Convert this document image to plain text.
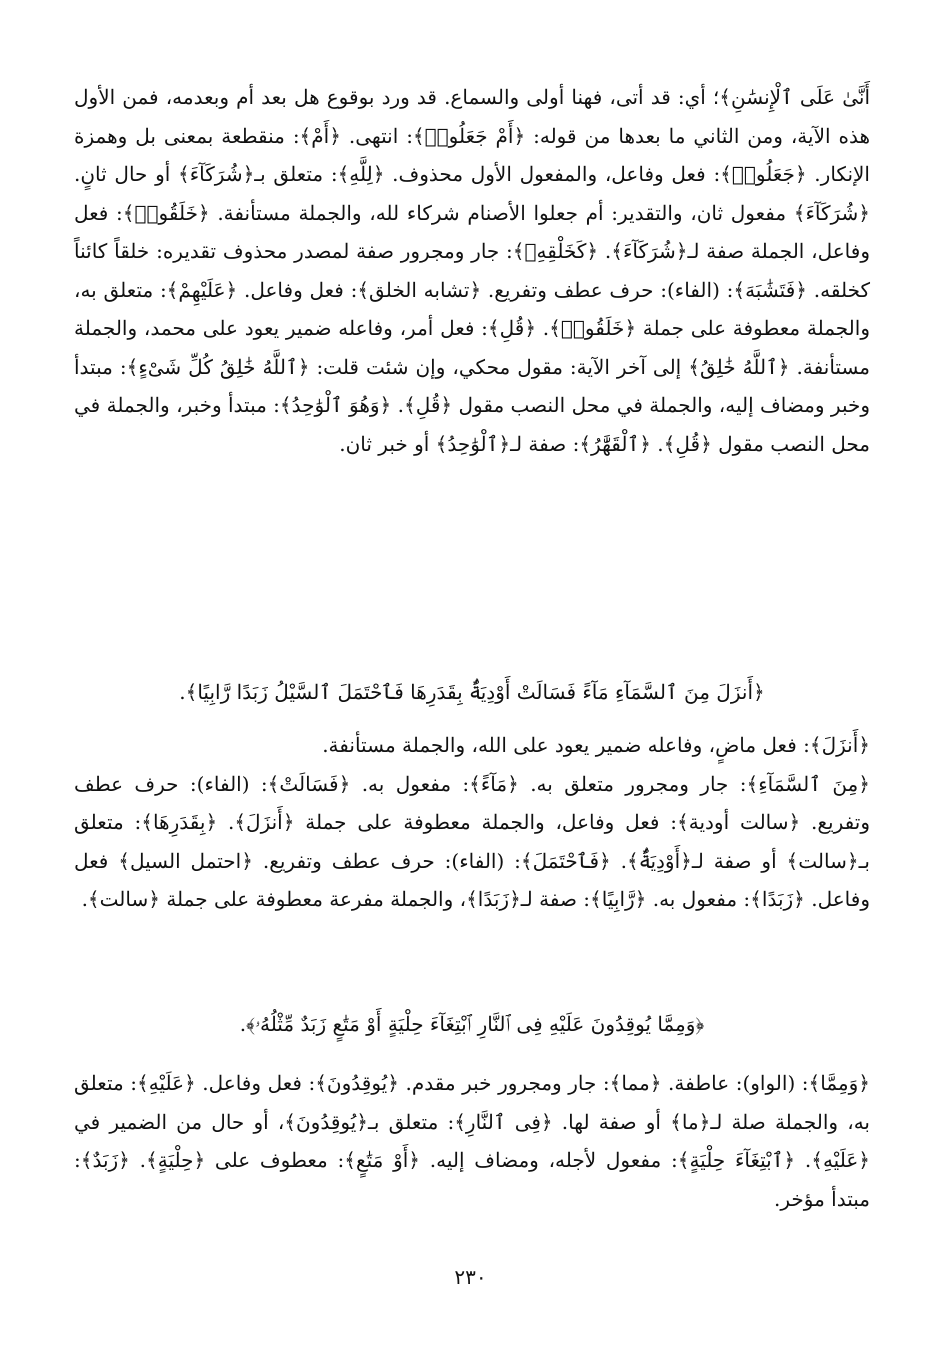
أَنَّىٰ عَلَى ٱلْإِنسَٰنِ﴾؛ أي: قد أتى، فهنا أولى والسماع. قد ورد بوقوع هل بعد أم وبعدمه، فمن الأول هذه الآية، ومن الثاني ما بعدها من قوله: ﴿أَمْ جَعَلُوا۟﴾: انتهى. ﴿أَمْ﴾: منقطعة بمعنى بل وهمزة الإنكار. ﴿جَعَلُوا۟﴾: فعل وفاعل، والمفعول الأول محذوف. ﴿لِلَّهِ﴾: متعلق بـ﴿شُرَكَآءَ﴾ أو حال ثانٍ. ﴿شُرَكَآءَ﴾ مفعول ثان، والتقدير: أم جعلوا الأصنام شركاء لله، والجملة مستأنفة. ﴿خَلَقُوا۟﴾: فعل وفاعل، الجملة صفة لـ﴿شُرَكَآءَ﴾. ﴿كَخَلْقِهِۦ﴾: جار ومجرور صفة لمصدر محذوف تقديره: خلقاً كائناً كخلقه. ﴿فَتَشَٰبَهَ﴾: (الفاء): حرف عطف وتفريع. ﴿تشابه الخلق﴾: فعل وفاعل. ﴿عَلَيْهِمْ﴾: متعلق به، والجملة معطوفة على جملة ﴿خَلَقُوا۟﴾. ﴿قُلِ﴾: فعل أمر، وفاعله ضمير يعود على محمد، والجملة مستأنفة. ﴿ٱللَّهُ خَٰلِقُ﴾ إلى آخر الآية: مقول محكي، وإن شئت قلت: ﴿ٱللَّهُ خَٰلِقُ كُلِّ شَىْءٍ﴾: مبتدأ وخبر ومضاف إليه، والجملة في محل النصب مقول ﴿قُلِ﴾. ﴿وَهُوَ ٱلْوَٰحِدُ﴾: مبتدأ وخبر، والجملة في محل النصب مقول ﴿قُلِ﴾. ﴿ٱلْقَهَّٰرُ﴾: صفة لـ﴿ٱلْوَٰحِدُ﴾ أو خبر ثان.

﴿أَنزَلَ مِنَ ٱلسَّمَآءِ مَآءً فَسَالَتْ أَوْدِيَةٌۢ بِقَدَرِهَا فَٱحْتَمَلَ ٱلسَّيْلُ زَبَدًا رَّابِيًا﴾.

﴿أَنزَلَ﴾: فعل ماضٍ، وفاعله ضمير يعود على الله، والجملة مستأنفة.
﴿مِنَ ٱلسَّمَآءِ﴾: جار ومجرور متعلق به. ﴿مَآءً﴾: مفعول به. ﴿فَسَالَتْ﴾: (الفاء): حرف عطف وتفريع. ﴿سالت أودية﴾: فعل وفاعل، والجملة معطوفة على جملة ﴿أَنزَلَ﴾. ﴿بِقَدَرِهَا﴾: متعلق بـ﴿سالت﴾ أو صفة لـ﴿أَوْدِيَةٌۢ﴾. ﴿فَٱحْتَمَلَ﴾: (الفاء): حرف عطف وتفريع. ﴿احتمل السيل﴾ فعل وفاعل. ﴿زَبَدًا﴾: مفعول به. ﴿رَّابِيًا﴾: صفة لـ﴿زَبَدًا﴾، والجملة مفرعة معطوفة على جملة ﴿سالت﴾.

﴿وَمِمَّا يُوقِدُونَ عَلَيْهِ فِى ٱلنَّارِ ٱبْتِغَآءَ حِلْيَةٍ أَوْ مَتَٰعٍ زَبَدٌ مِّثْلُهُۥ﴾.

﴿وَمِمَّا﴾: (الواو): عاطفة. ﴿مما﴾: جار ومجرور خبر مقدم. ﴿يُوقِدُونَ﴾: فعل وفاعل. ﴿عَلَيْهِ﴾: متعلق به، والجملة صلة لـ﴿ما﴾ أو صفة لها. ﴿فِى ٱلنَّارِ﴾: متعلق بـ﴿يُوقِدُونَ﴾، أو حال من الضمير في ﴿عَلَيْهِ﴾. ﴿ٱبْتِغَآءَ حِلْيَةٍ﴾: مفعول لأجله، ومضاف إليه. ﴿أَوْ مَتَٰعٍ﴾: معطوف على ﴿حِلْيَةٍ﴾. ﴿زَبَدٌ﴾: مبتدأ مؤخر.

٢٣٠
